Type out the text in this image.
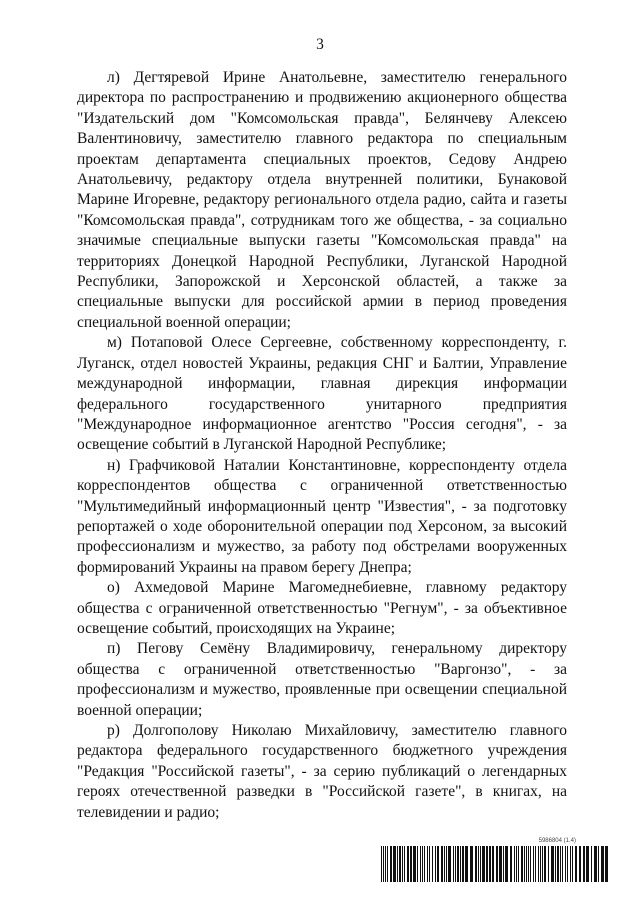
3

л) Дегтяревой Ирине Анатольевне, заместителю генерального директора по распространению и продвижению акционерного общества "Издательский дом "Комсомольская правда", Белянчеву Алексею Валентиновичу, заместителю главного редактора по специальным проектам департамента специальных проектов, Седову Андрею Анатольевичу, редактору отдела внутренней политики, Бунаковой Марине Игоревне, редактору регионального отдела радио, сайта и газеты "Комсомольская правда", сотрудникам того же общества, - за социально значимые специальные выпуски газеты "Комсомольская правда" на территориях Донецкой Народной Республики, Луганской Народной Республики, Запорожской и Херсонской областей, а также за специальные выпуски для российской армии в период проведения специальной военной операции;

м) Потаповой Олесе Сергеевне, собственному корреспонденту, г. Луганск, отдел новостей Украины, редакция СНГ и Балтии, Управление международной информации, главная дирекция информации федерального государственного унитарного предприятия "Международное информационное агентство "Россия сегодня", - за освещение событий в Луганской Народной Республике;

н) Графчиковой Наталии Константиновне, корреспонденту отдела корреспондентов общества с ограниченной ответственностью "Мультимедийный информационный центр "Известия", - за подготовку репортажей о ходе оборонительной операции под Херсоном, за высокий профессионализм и мужество, за работу под обстрелами вооруженных формирований Украины на правом берегу Днепра;

о) Ахмедовой Марине Магомеднебиевне, главному редактору общества с ограниченной ответственностью "Регнум", - за объективное освещение событий, происходящих на Украине;

п) Пегову Семёну Владимировичу, генеральному директору общества с ограниченной ответственностью "Варгонзо", - за профессионализм и мужество, проявленные при освещении специальной военной операции;

р) Долгополову Николаю Михайловичу, заместителю главного редактора федерального государственного бюджетного учреждения "Редакция "Российской газеты", - за серию публикаций о легендарных героях отечественной разведки в "Российской газете", в книгах, на телевидении и радио;

5986804 (1.4)
